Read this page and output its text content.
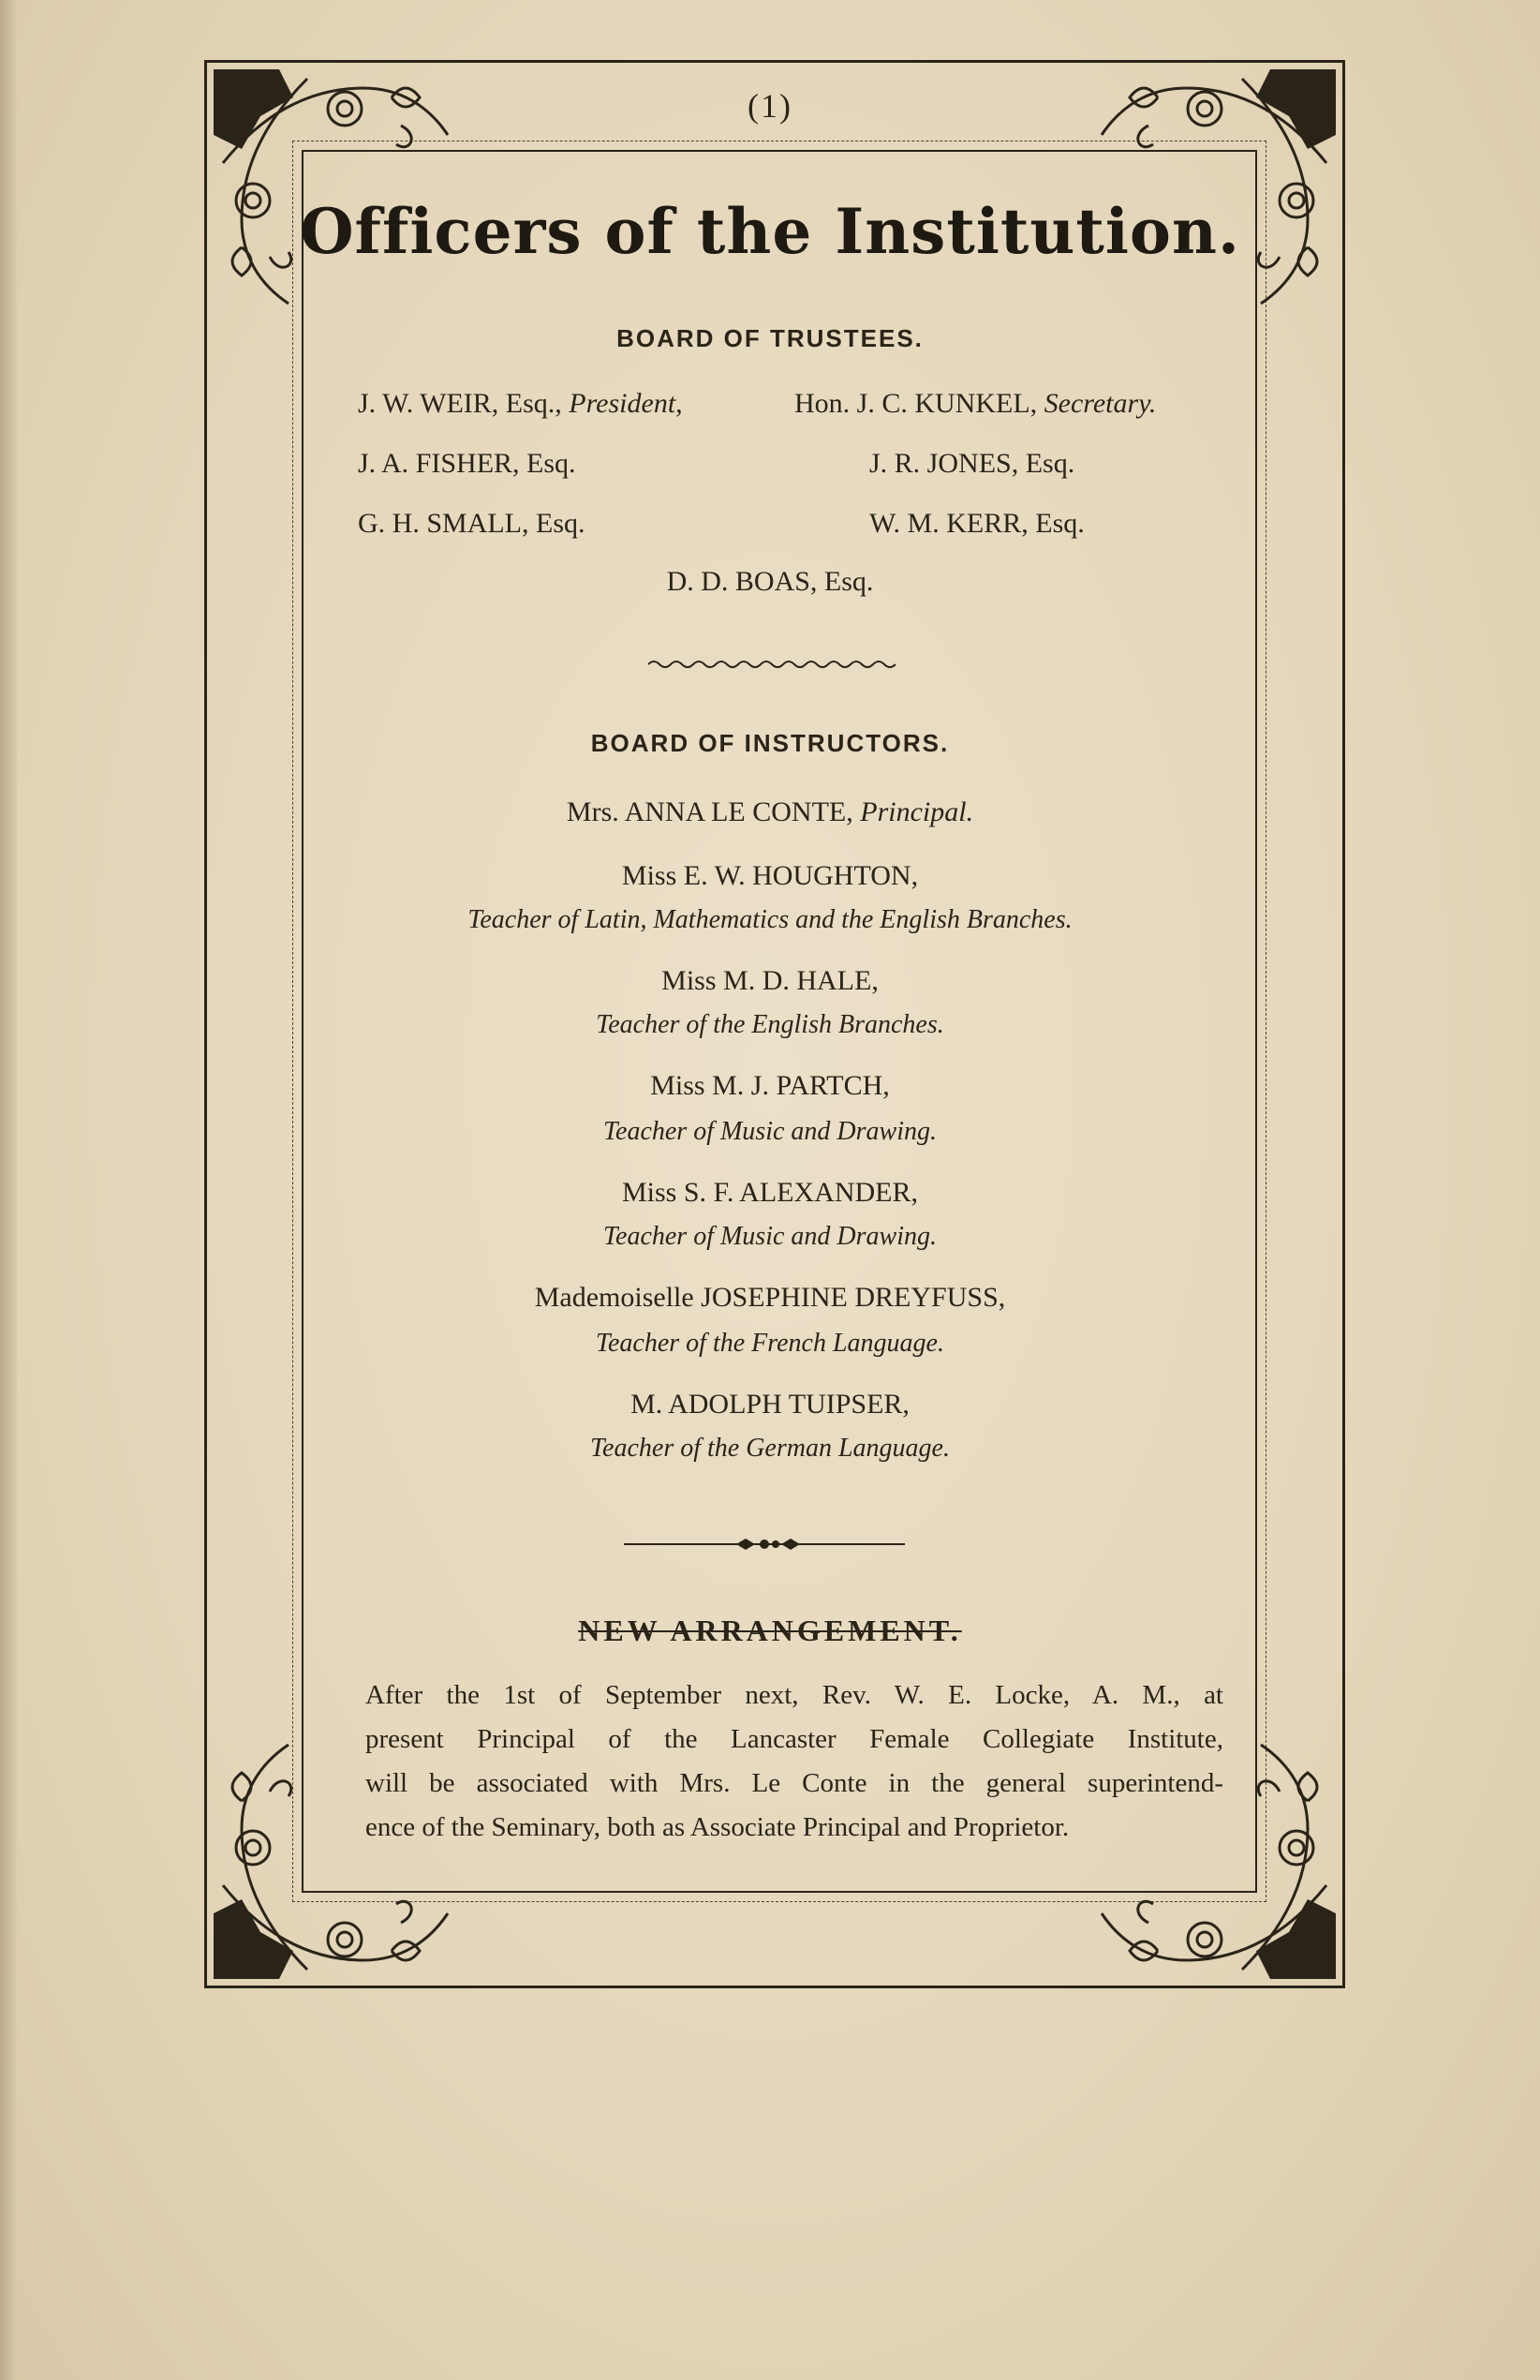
(1)
Officers of the Institution.
BOARD OF TRUSTEES.
J. W. WEIR, Esq., President,	Hon. J. C. KUNKEL, Secretary.
J. A. FISHER, Esq.	J. R. JONES, Esq.
G. H. SMALL, Esq.	W. M. KERR, Esq.
D. D. BOAS, Esq.
BOARD OF INSTRUCTORS.
Mrs. ANNA LE CONTE, Principal.
Miss E. W. HOUGHTON,
Teacher of Latin, Mathematics and the English Branches.
Miss M. D. HALE,
Teacher of the English Branches.
Miss M. J. PARTCH,
Teacher of Music and Drawing.
Miss S. F. ALEXANDER,
Teacher of Music and Drawing.
Mademoiselle JOSEPHINE DREYFUSS,
Teacher of the French Language.
M. ADOLPH TUIPSER,
Teacher of the German Language.
NEW ARRANGEMENT.
After the 1st of September next, Rev. W. E. Locke, A. M., at
present Principal of the Lancaster Female Collegiate Institute,
will be associated with Mrs. Le Conte in the general superintend-
ence of the Seminary, both as Associate Principal and Proprietor.
